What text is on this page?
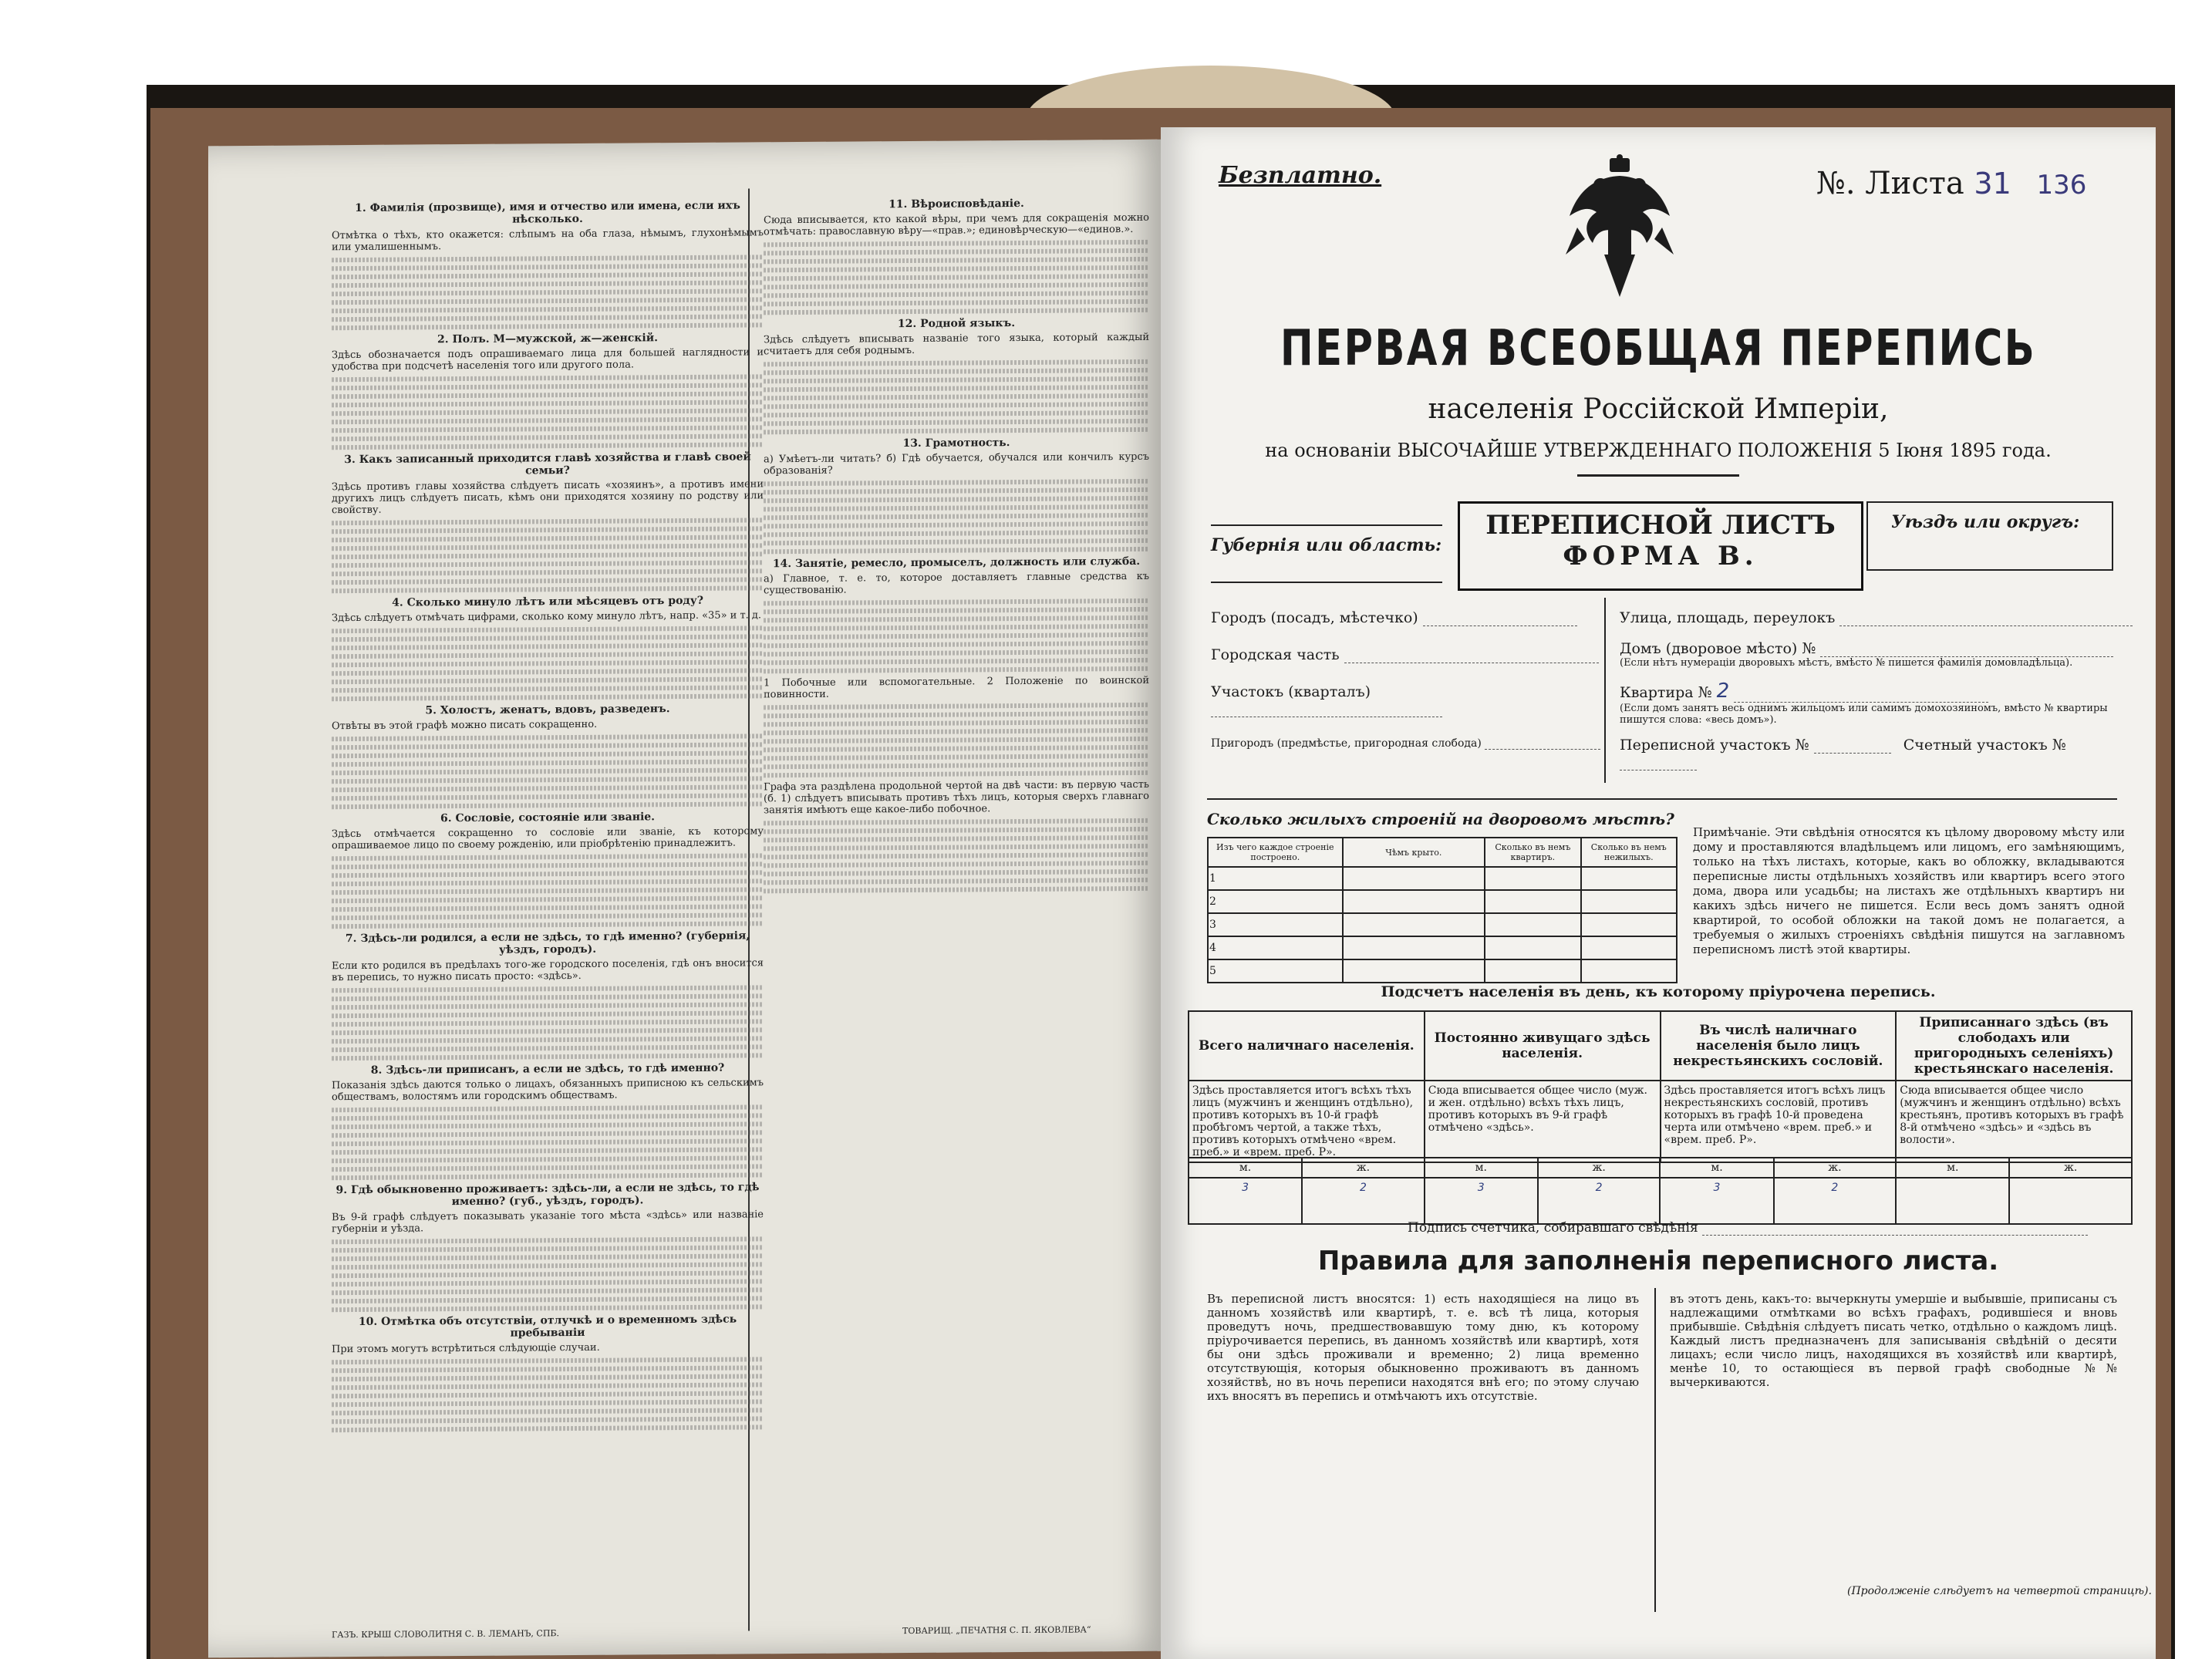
1. Фамилія (прозвище), имя и отчество или имена, если ихъ нѣсколько.
Отмѣтка о тѣхъ, кто окажется: слѣпымъ на оба глаза, нѣмымъ, глухонѣмымъ или умалишеннымъ.
2. Полъ. М—мужской, ж—женскій.
Здѣсь обозначается подъ опрашиваемаго лица для большей наглядности и удобства при подсчетѣ населенія того или другого пола.
3. Какъ записанный приходится главѣ хозяйства и главѣ своей семьи?
Здѣсь противъ главы хозяйства слѣдуетъ писать «хозяинъ», а противъ имени другихъ лицъ слѣдуетъ писать, кѣмъ они приходятся хозяину по родству или свойству.
4. Сколько минуло лѣтъ или мѣсяцевъ отъ роду?
Здѣсь слѣдуетъ отмѣчать цифрами, сколько кому минуло лѣтъ, напр. «35» и т. д.
5. Холостъ, женатъ, вдовъ, разведенъ.
Отвѣты въ этой графѣ можно писать сокращенно.
6. Сословіе, состояніе или званіе.
Здѣсь отмѣчается сокращенно то сословіе или званіе, къ которому опрашиваемое лицо по своему рожденію, или пріобрѣтенію принадлежитъ.
7. Здѣсь-ли родился, а если не здѣсь, то гдѣ именно? (губернія, уѣздъ, городъ).
Если кто родился въ предѣлахъ того-же городского поселенія, гдѣ онъ вносится въ перепись, то нужно писать просто: «здѣсь».
8. Здѣсь-ли приписанъ, а если не здѣсь, то гдѣ именно?
Показанія здѣсь даются только о лицахъ, обязанныхъ приписною къ сельскимъ обществамъ, волостямъ или городскимъ обществамъ.
9. Гдѣ обыкновенно проживаетъ: здѣсь-ли, а если не здѣсь, то гдѣ именно? (губ., уѣздъ, городъ).
Въ 9-й графѣ слѣдуетъ показывать указаніе того мѣста «здѣсь» или названіе губерніи и уѣзда.
10. Отмѣтка объ отсутствіи, отлучкѣ и о временномъ здѣсь пребываніи
При этомъ могутъ встрѣтиться слѣдующіе случаи.
11. Вѣроисповѣданіе.
Сюда вписывается, кто какой вѣры, при чемъ для сокращенія можно отмѣчать: православную вѣру—«прав.»; единовѣрческую—«единов.».
12. Родной языкъ.
Здѣсь слѣдуетъ вписывать названіе того языка, который каждый считаетъ для себя роднымъ.
13. Грамотность.
а) Умѣетъ-ли читать? б) Гдѣ обучается, обучался или кончилъ курсъ образованія?
14. Занятіе, ремесло, промыселъ, должность или служба.
а) Главное, т. е. то, которое доставляетъ главные средства къ существованію.
1 Побочные или вспомогательные. 2 Положеніе по воинской повинности.
Графа эта раздѣлена продольной чертой на двѣ части: въ первую часть (б. 1) слѣдуетъ вписывать противъ тѣхъ лицъ, которыя сверхъ главнаго занятія имѣютъ еще какое-либо побочное.
ГАЗЪ. КРЫШ СЛОВОЛИТНЯ С. В. ЛЕМАНЪ, СПБ.	ТОВАРИЩ. „ПЕЧАТНЯ С. П. ЯКОВЛЕВА“
Безплатно.	№. Листа 31 136
ПЕРВАЯ ВСЕОБЩАЯ ПЕРЕПИСЬ
населенія Россійской Имперіи,
на основаніи ВЫСОЧАЙШЕ УТВЕРЖДЕННАГО ПОЛОЖЕНІЯ 5 Іюня 1895 года.
Губернія или область:
ПЕРЕПИСНОЙ ЛИСТЪ
ФОРМА В.
Уѣздъ или округъ:
Городъ (посадъ, мѣстечко)
Городская часть
Участокъ (кварталъ)
Пригородъ (предмѣстье, пригородная слобода)
Улица, площадь, переулокъ
Домъ (дворовое мѣсто) №
(Если нѣтъ нумераціи дворовыхъ мѣстъ, вмѣсто № пишется фамилія домовладѣльца).
Квартира № 2
(Если домъ занятъ весь однимъ жильцомъ или самимъ домохозяиномъ, вмѣсто № квартиры пишутся слова: «весь домъ»).
Переписной участокъ №	Счетный участокъ №
Сколько жилыхъ строеній на дворовомъ мѣстѣ?
Изъ чего каждое строеніе построено.	Чѣмъ крыто.	Сколько въ немъ квартиръ.	Сколько въ немъ нежилыхъ.
1			
2			
3			
4			
5			
Примѣчаніе. Эти свѣдѣнія относятся къ цѣлому дворовому мѣсту или дому и проставляются владѣльцемъ или лицомъ, его замѣняющимъ, только на тѣхъ листахъ, которые, какъ во обложку, вкладываются переписные листы отдѣльныхъ хозяйствъ или квартиръ всего этого дома, двора или усадьбы; на листахъ же отдѣльныхъ квартиръ ни какихъ здѣсь ничего не пишется. Если весь домъ занятъ одной квартирой, то особой обложки на такой домъ не полагается, а требуемыя о жилыхъ строеніяхъ свѣдѣнія пишутся на заглавномъ переписномъ листѣ этой квартиры.
Подсчетъ населенія въ день, къ которому пріурочена перепись.
Всего наличнаго населенія.	Постоянно живущаго здѣсь населенія.	Въ числѣ наличнаго населенія было лицъ некрестьянскихъ сословій.	Приписаннаго здѣсь (въ слободахъ или пригородныхъ селеніяхъ) крестьянскаго населенія.
Здѣсь проставляется итогъ всѣхъ тѣхъ лицъ (мужчинъ и женщинъ отдѣльно), противъ которыхъ въ 10-й графѣ пробѣгомъ чертой, а также тѣхъ, противъ которыхъ отмѣчено «врем. преб.» и «врем. преб. Р».	Сюда вписывается общее число (муж. и жен. отдѣльно) всѣхъ тѣхъ лицъ, противъ которыхъ въ 9-й графѣ отмѣчено «здѣсь».	Здѣсь проставляется итогъ всѣхъ лицъ некрестьянскихъ сословій, противъ которыхъ въ графѣ 10-й проведена черта или отмѣчено «врем. преб.» и «врем. преб. Р».	Сюда вписывается общее число (мужчинъ и женщинъ отдѣльно) всѣхъ крестьянъ, противъ которыхъ въ графѣ 8-й отмѣчено «здѣсь» и «здѣсь въ волости».
м.	ж.	м.	ж.	м.	ж.	м.	ж.
3	2	3	2	3	2		
Подпись счетчика, собиравшаго свѣдѣнія
Правила для заполненія переписного листа.
Въ переписной листъ вносятся: 1) есть находящіеся на лицо въ данномъ хозяйствѣ или квартирѣ, т. е. всѣ тѣ лица, которыя проведутъ ночь, предшествовавшую тому дню, къ которому пріурочивается перепись, въ данномъ хозяйствѣ или квартирѣ, хотя бы они здѣсь проживали и временно; 2) лица временно отсутствующія, которыя обыкновенно проживаютъ въ данномъ хозяйствѣ, но въ ночь переписи находятся внѣ его; по этому случаю ихъ вносятъ въ перепись и отмѣчаютъ ихъ отсутствіе.
въ этотъ день, какъ-то: вычеркнуты умершіе и выбывшіе, приписаны съ надлежащими отмѣтками во всѣхъ графахъ, родившіеся и вновь прибывшіе. Свѣдѣнія слѣдуетъ писать четко, отдѣльно о каждомъ лицѣ. Каждый листъ предназначенъ для записыванія свѣдѣній о десяти лицахъ; если число лицъ, находящихся въ хозяйствѣ или квартирѣ, менѣе 10, то остающіеся въ первой графѣ свободные №№ вычеркиваются.
(Продолженіе слѣдуетъ на четвертой страницѣ).
